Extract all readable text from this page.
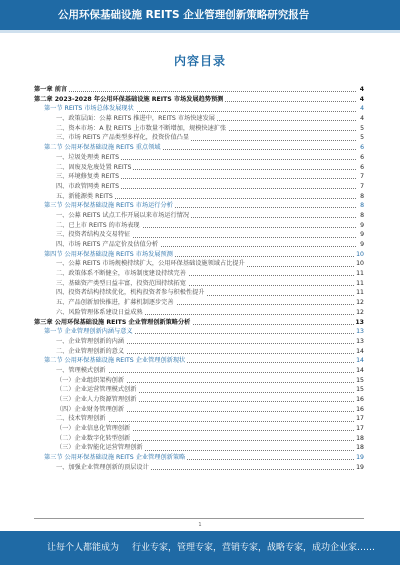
公用环保基础设施 REITS 企业管理创新策略研究报告
内容目录
第一章 前言	4
第二章 2023-2028 年公用环保基础设施 REITS 市场发展趋势预测	4
第一节 REITS 市场总体发展现状	4
一、政策层面：公募 REITS 推进中，REITS 市场快速发展	4
二、资本市场：A 股 REITS 上市数量不断增加，规模快速扩张	5
三、市场 REITS 产品类型多样化，投资价值凸显	5
第二节 公用环保基础设施 REITS 重点领域	6
一、垃圾处理类 REITS	6
二、固废及危废处置 REITS	6
三、环境修复类 REITS	7
四、市政管网类 REITS	7
五、新能源类 REITS	8
第三节 公用环保基础设施 REITS 市场运行分析	8
一、公募 REITS 试点工作开展以来市场运行情况	8
二、已上市 REITS 的市场表现	9
三、投资者结构及交易特征	9
四、市场 REITS 产品定价及估值分析	9
第四节 公用环保基础设施 REITS 市场发展预测	10
一、公募 REITS 市场规模持续扩大，公用环保基础设施领域占比提升	10
二、政策体系不断健全，市场制度建设持续完善	11
三、基础资产类型日益丰富，投资范围持续拓宽	11
四、投资者结构持续优化，机构投资者参与积极性提升	11
五、产品创新加快推进，扩募机制逐步完善	12
六、风险管理体系建设日益成熟	12
第三章 公用环保基础设施 REITS 企业管理创新策略分析	13
第一节 企业管理创新内涵与意义	13
一、企业管理创新的内涵	13
二、企业管理创新的意义	14
第二节 公用环保基础设施 REITS 企业管理创新现状	14
一、管理模式创新	14
（一）企业组织架构创新	15
（二）企业运营管理模式创新	15
（三）企业人力资源管理创新	16
（四）企业财务管理创新	16
二、技术管理创新	17
（一）企业信息化管理创新	17
（二）企业数字化转型创新	18
（三）企业智能化运营管理创新	18
第三节 公用环保基础设施 REITS 企业管理创新策略	19
一、加强企业管理创新的顶层设计	19
1
让每个人都能成为 行业专家，管理专家，营销专家，战略专家，成功企业家……
